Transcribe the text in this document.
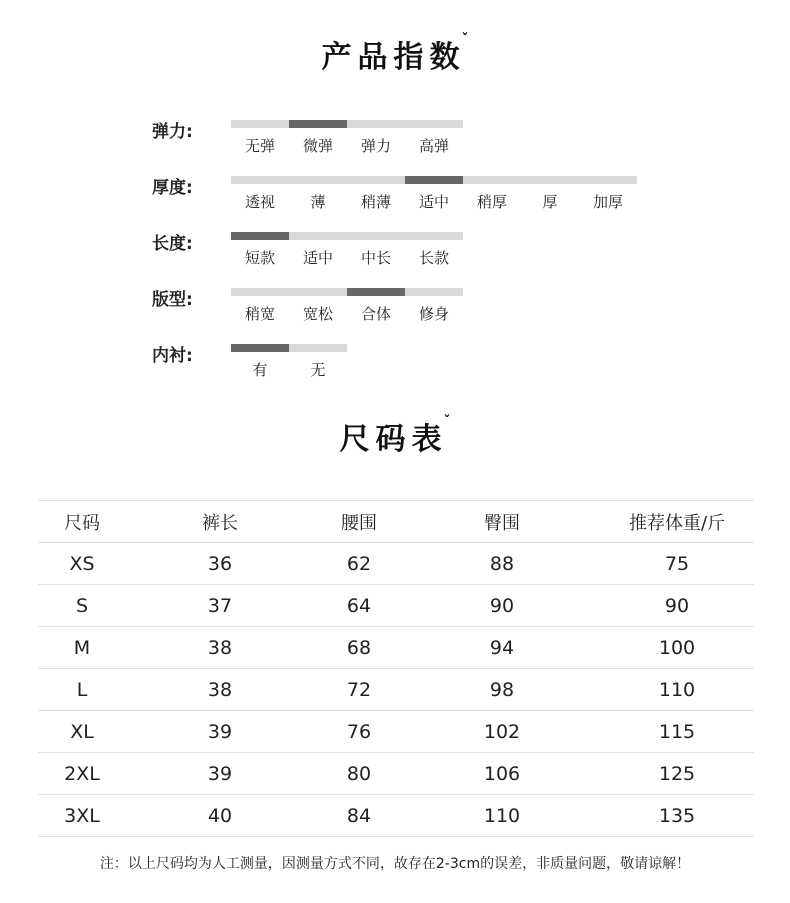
产品指数$^ˇ$
弹力:
无弹	微弹	弹力	高弹
厚度:
透视	薄	稍薄	适中	稍厚	厚	加厚
长度:
短款	适中	中长	长款
版型:
稍宽	宽松	合体	修身
内衬:
有	无
尺码表$^ˇ$
尺码	裤长	腰围	臀围	推荐体重/斤
XS	36	62	88	75
S	37	64	90	90
M	38	68	94	100
L	38	72	98	110
XL	39	76	102	115
2XL	39	80	106	125
3XL	40	84	110	135
注：以上尺码均为人工测量，因测量方式不同，故存在2-3cm的误差，非质量问题，敬请谅解！
